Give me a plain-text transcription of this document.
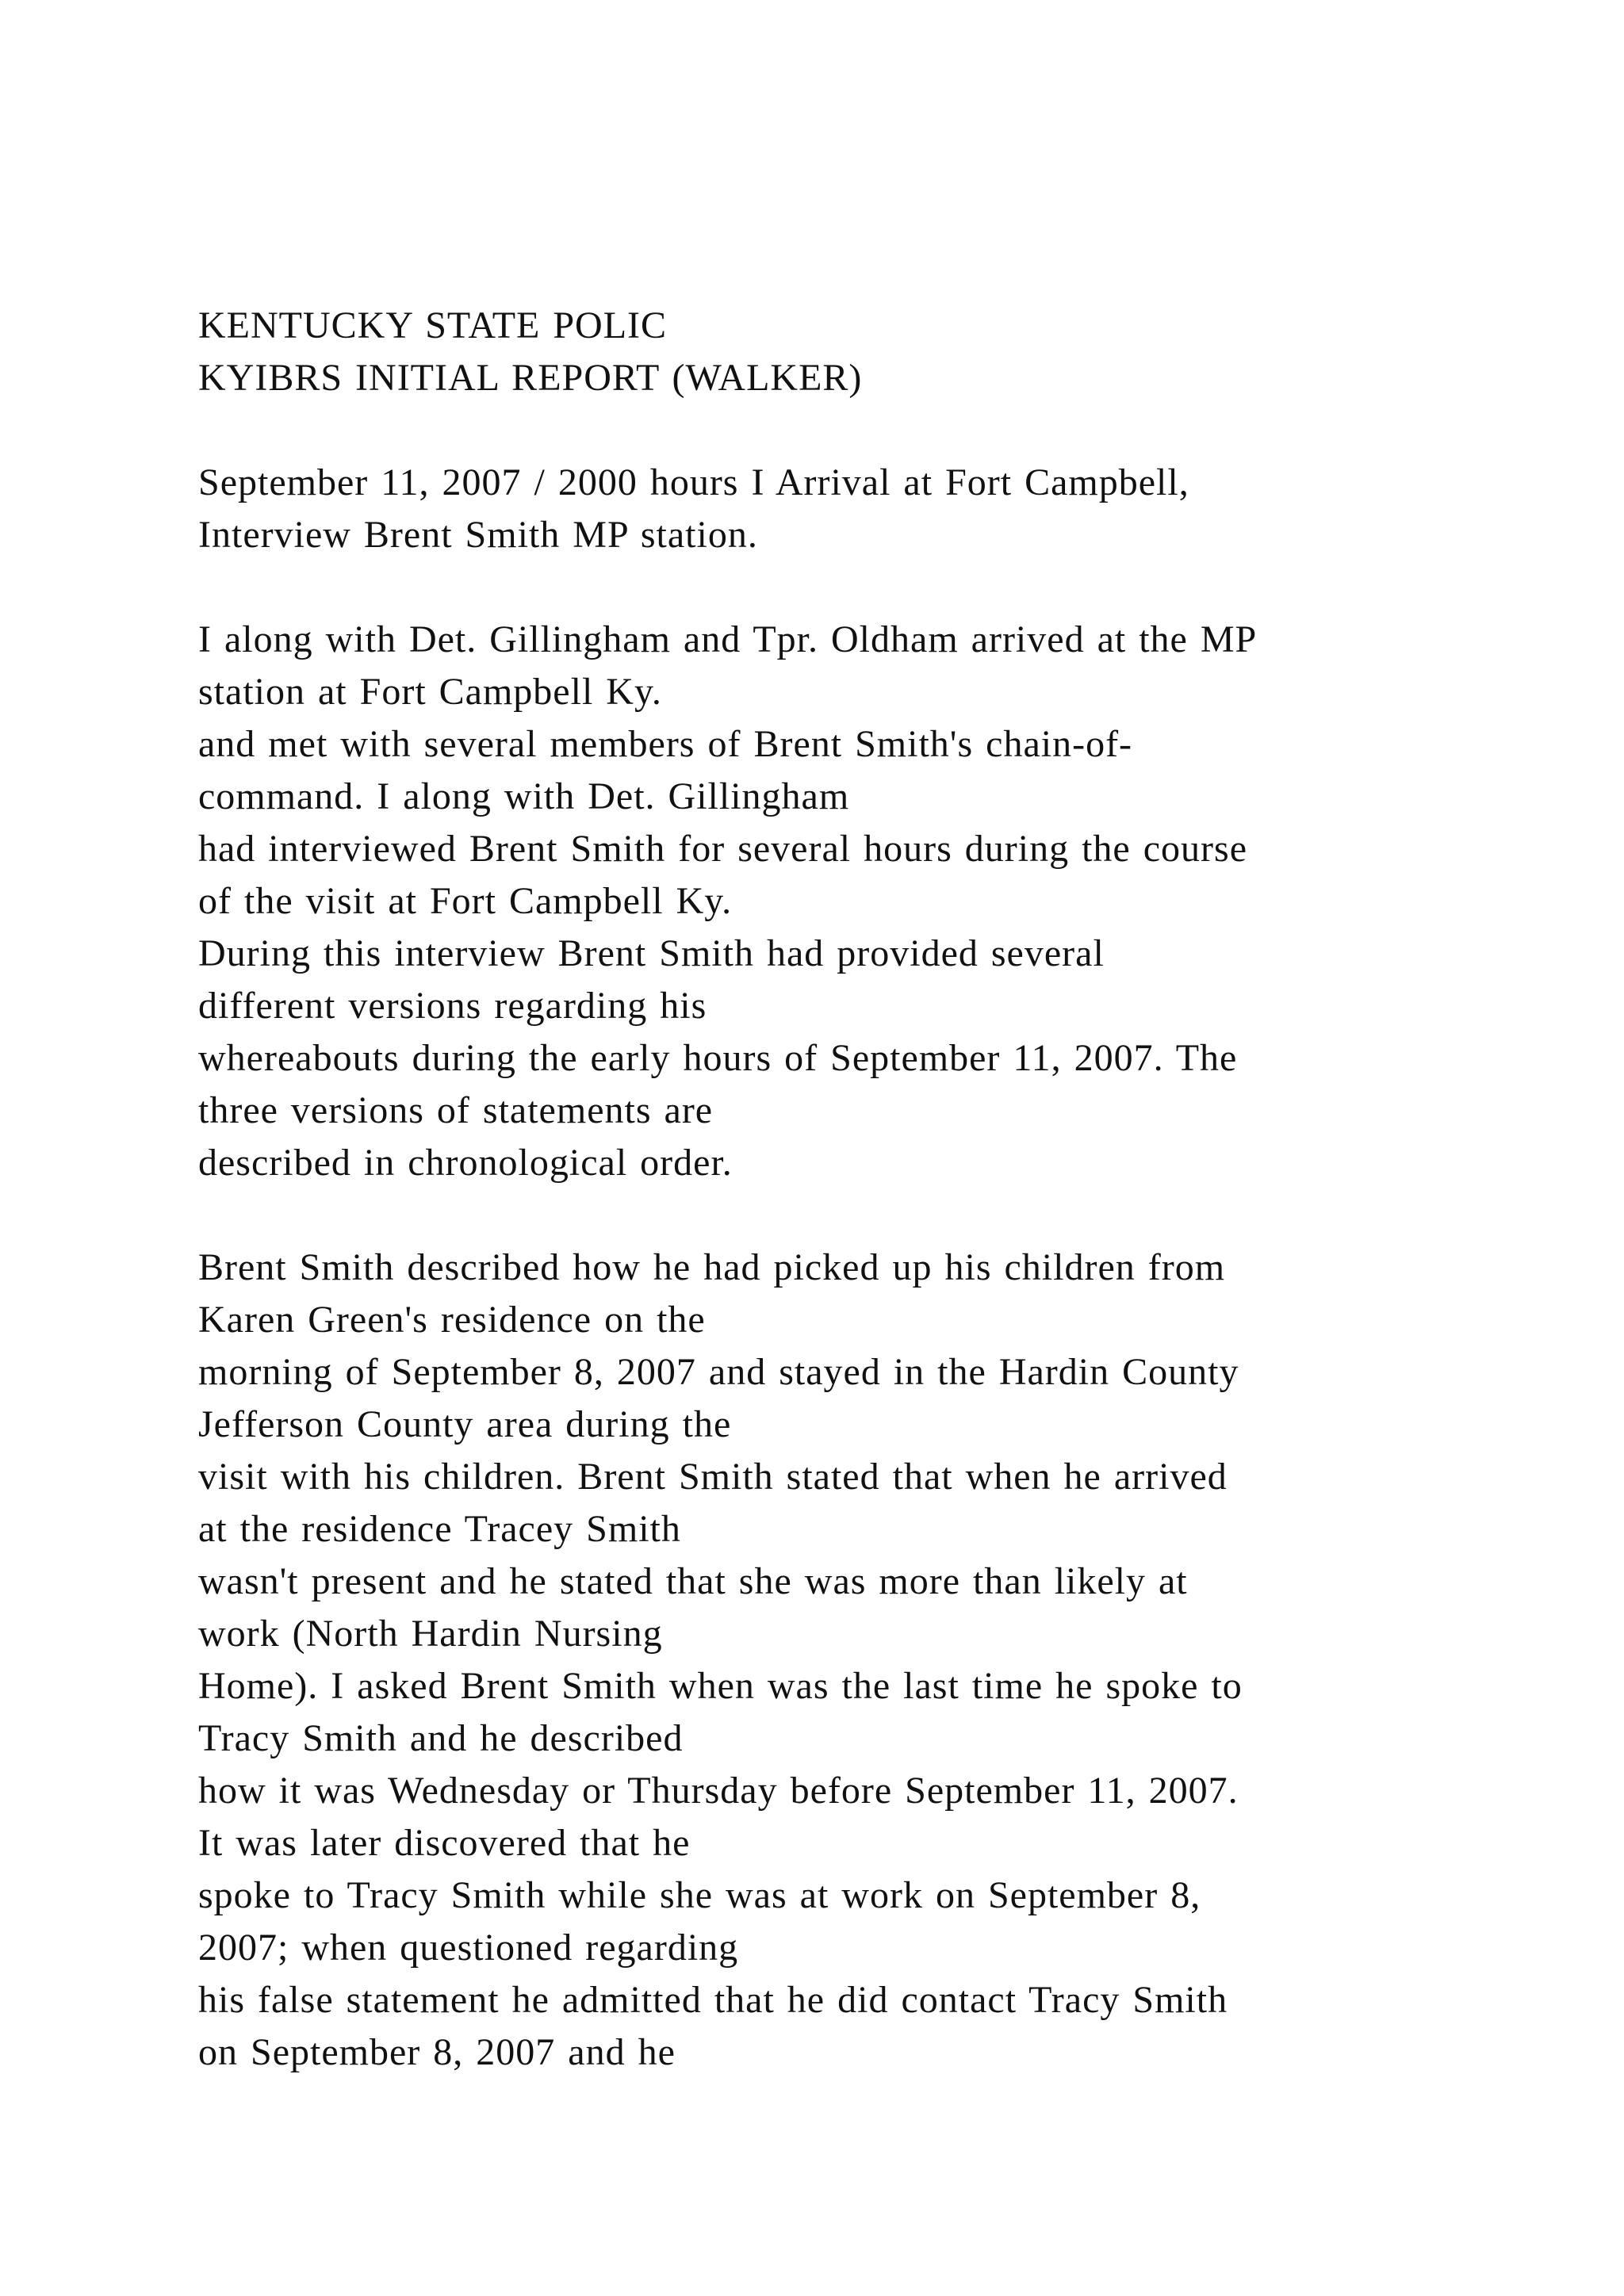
KENTUCKY STATE POLIC
KYIBRS INITIAL REPORT (WALKER)
September 11, 2007 / 2000 hours I Arrival at Fort Campbell,
Interview Brent Smith MP station.
I along with Det. Gillingham and Tpr. Oldham arrived at the MP
station at Fort Campbell Ky.
and met with several members of Brent Smith's chain-of-
command. I along with Det. Gillingham
had interviewed Brent Smith for several hours during the course
of the visit at Fort Campbell Ky.
During this interview Brent Smith had provided several
different versions regarding his
whereabouts during the early hours of September 11, 2007. The
three versions of statements are
described in chronological order.
Brent Smith described how he had picked up his children from
Karen Green's residence on the
morning of September 8, 2007 and stayed in the Hardin County
Jefferson County area during the
visit with his children. Brent Smith stated that when he arrived
at the residence Tracey Smith
wasn't present and he stated that she was more than likely at
work (North Hardin Nursing
Home). I asked Brent Smith when was the last time he spoke to
Tracy Smith and he described
how it was Wednesday or Thursday before September 11, 2007.
It was later discovered that he
spoke to Tracy Smith while she was at work on September 8,
2007; when questioned regarding
his false statement he admitted that he did contact Tracy Smith
on September 8, 2007 and he
